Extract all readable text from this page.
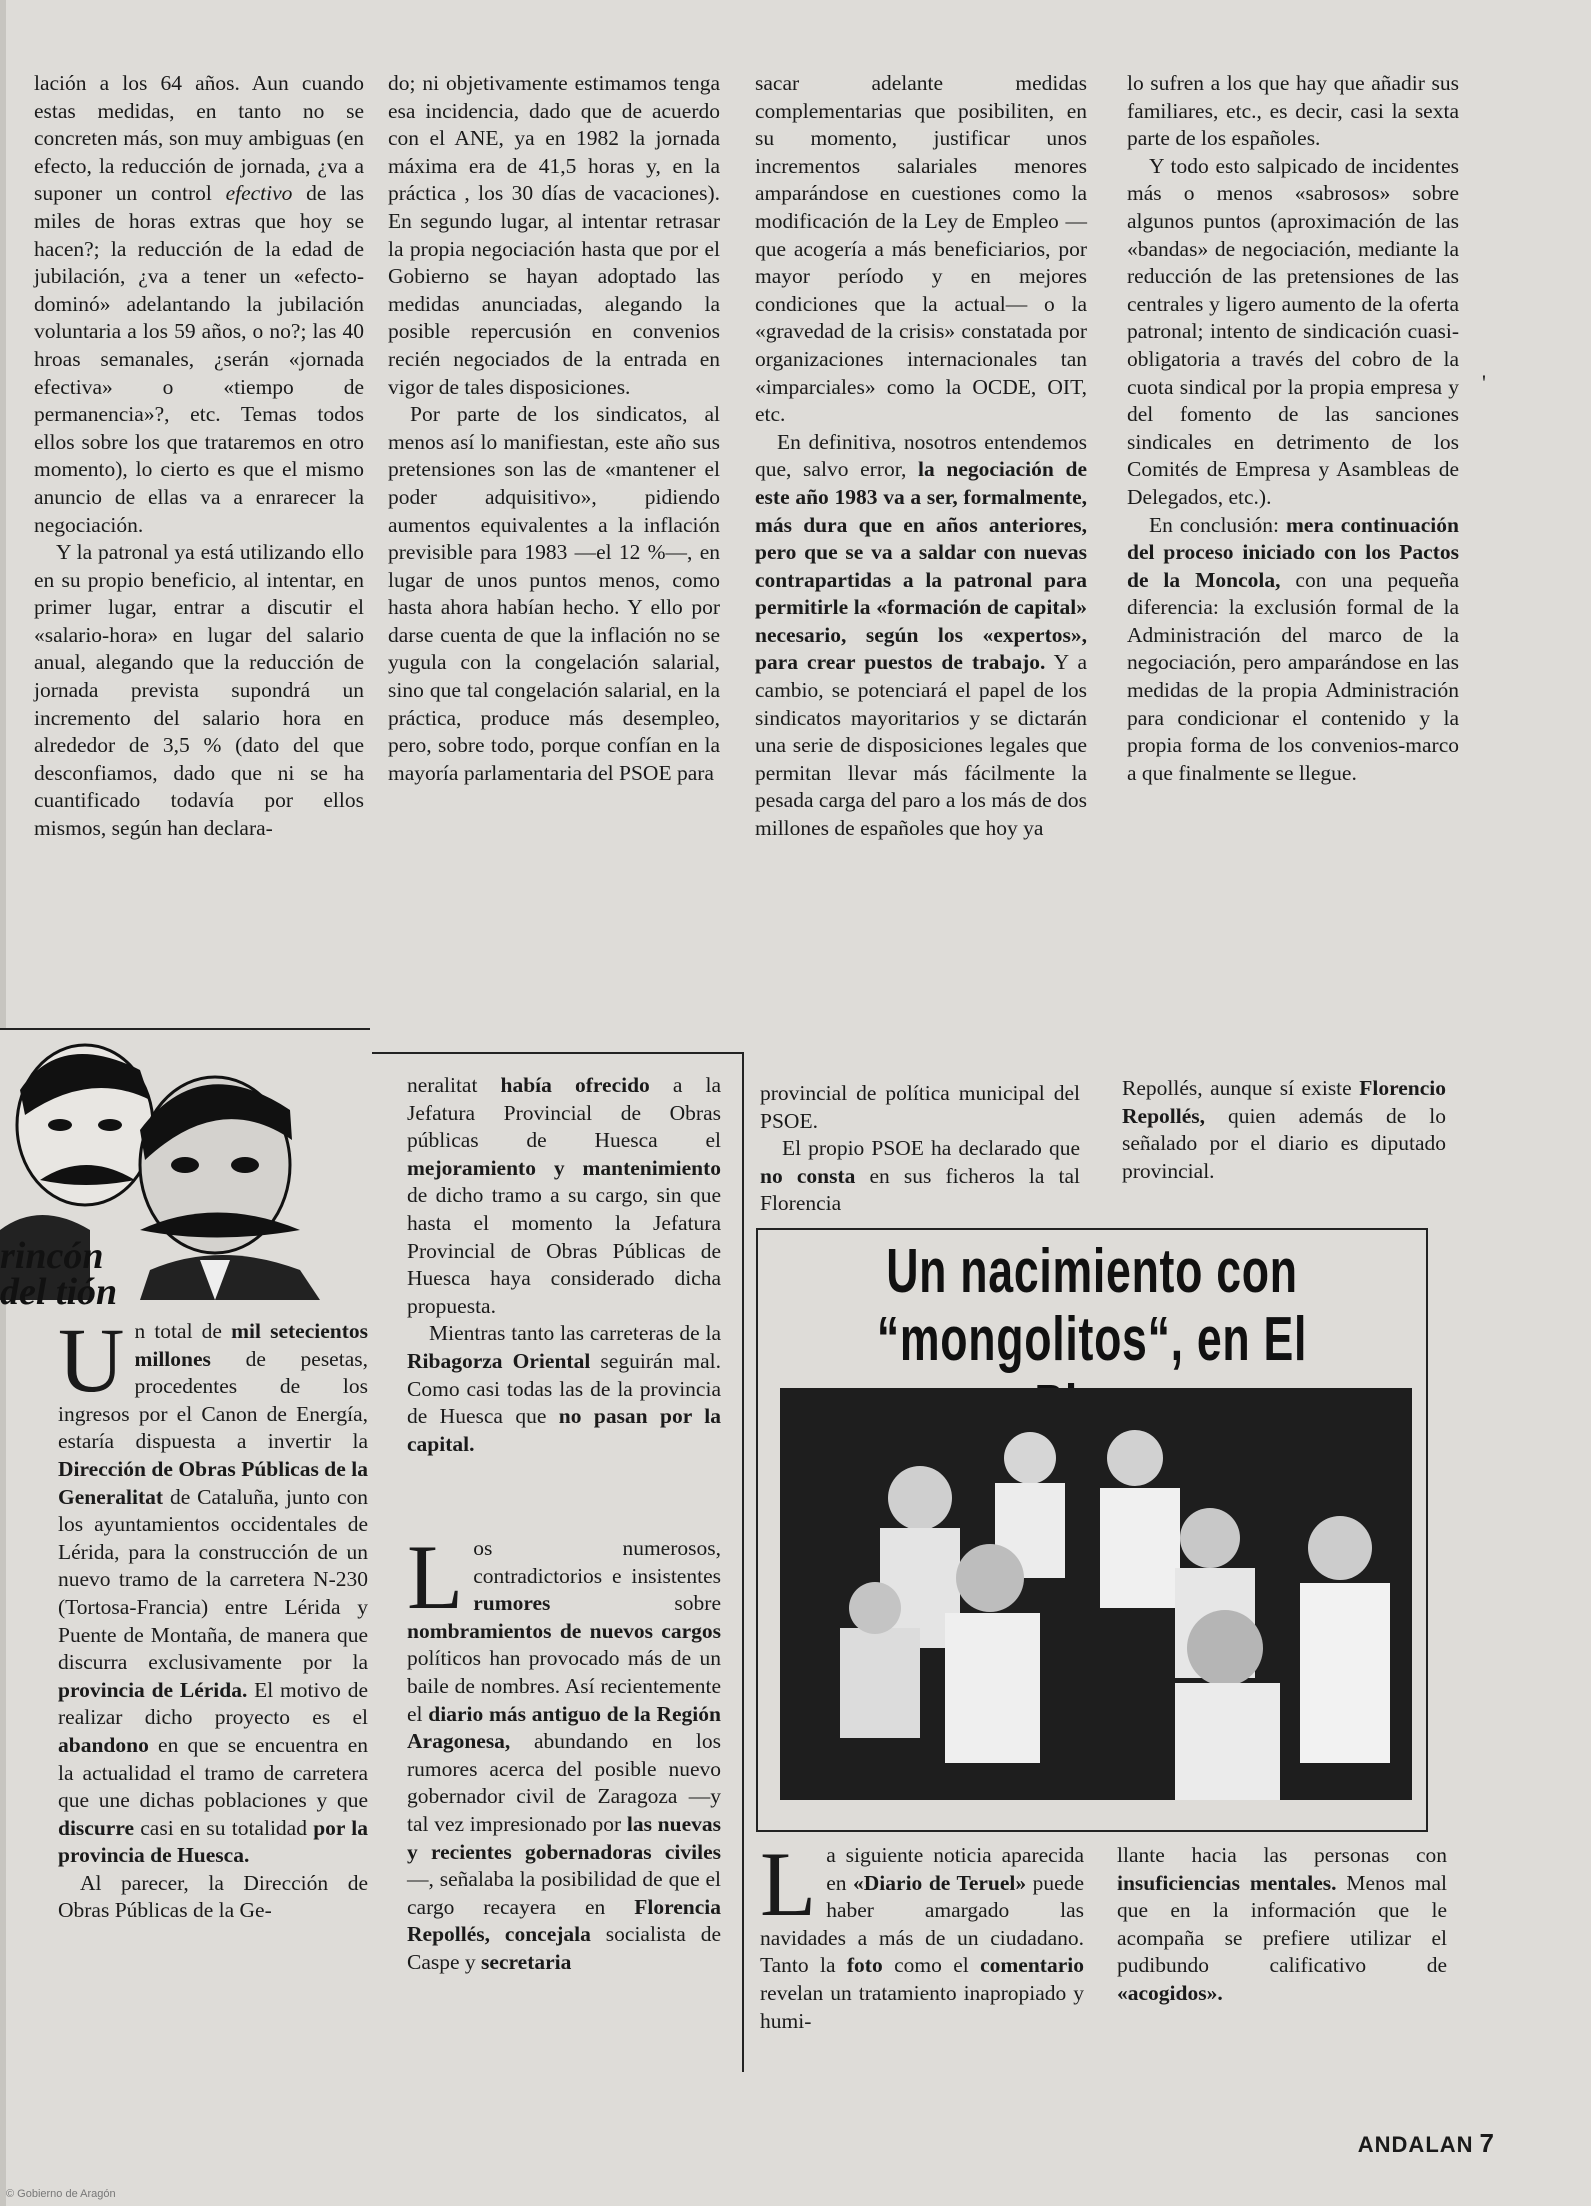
lación a los 64 años. Aun cuando estas medidas, en tanto no se concreten más, son muy ambiguas (en efecto, la reducción de jornada, ¿va a suponer un control efectivo de las miles de horas extras que hoy se hacen?; la reducción de la edad de jubilación, ¿va a tener un «efecto-dominó» adelantando la jubilación voluntaria a los 59 años, o no?; las 40 hroas semanales, ¿serán «jornada efectiva» o «tiempo de permanencia»?, etc. Temas todos ellos sobre los que trataremos en otro momento), lo cierto es que el mismo anuncio de ellas va a enrarecer la negociación.

Y la patronal ya está utilizando ello en su propio beneficio, al intentar, en primer lugar, entrar a discutir el «salario-hora» en lugar del salario anual, alegando que la reducción de jornada prevista supondrá un incremento del salario hora en alrededor de 3,5 % (dato del que desconfiamos, dado que ni se ha cuantificado todavía por ellos mismos, según han declara-

do; ni objetivamente estimamos tenga esa incidencia, dado que de acuerdo con el ANE, ya en 1982 la jornada máxima era de 41,5 horas y, en la práctica , los 30 días de vacaciones). En segundo lugar, al intentar retrasar la propia negociación hasta que por el Gobierno se hayan adoptado las medidas anunciadas, alegando la posible repercusión en convenios recién negociados de la entrada en vigor de tales disposiciones.

Por parte de los sindicatos, al menos así lo manifiestan, este año sus pretensiones son las de «mantener el poder adquisitivo», pidiendo aumentos equivalentes a la inflación previsible para 1983 —el 12 %—, en lugar de unos puntos menos, como hasta ahora habían hecho. Y ello por darse cuenta de que la inflación no se yugula con la congelación salarial, sino que tal congelación salarial, en la práctica, produce más desempleo, pero, sobre todo, porque confían en la mayoría parlamentaria del PSOE para

sacar adelante medidas complementarias que posibiliten, en su momento, justificar unos incrementos salariales menores amparándose en cuestiones como la modificación de la Ley de Empleo —que acogería a más beneficiarios, por mayor período y en mejores condiciones que la actual— o la «gravedad de la crisis» constatada por organizaciones internacionales tan «imparciales» como la OCDE, OIT, etc.

En definitiva, nosotros entendemos que, salvo error, la negociación de este año 1983 va a ser, formalmente, más dura que en años anteriores, pero que se va a saldar con nuevas contrapartidas a la patronal para permitirle la «formación de capital» necesario, según los «expertos», para crear puestos de trabajo. Y a cambio, se potenciará el papel de los sindicatos mayoritarios y se dictarán una serie de disposiciones legales que permitan llevar más fácilmente la pesada carga del paro a los más de dos millones de españoles que hoy ya

lo sufren a los que hay que añadir sus familiares, etc., es decir, casi la sexta parte de los españoles.

Y todo esto salpicado de incidentes más o menos «sabrosos» sobre algunos puntos (aproximación de las «bandas» de negociación, mediante la reducción de las pretensiones de las centrales y ligero aumento de la oferta patronal; intento de sindicación cuasi-obligatoria a través del cobro de la cuota sindical por la propia empresa y del fomento de las sanciones sindicales en detrimento de los Comités de Empresa y Asambleas de Delegados, etc.).

En conclusión: mera continuación del proceso iniciado con los Pactos de la Moncola, con una pequeña diferencia: la exclusión formal de la Administración del marco de la negociación, pero amparándose en las medidas de la propia Administración para condicionar el contenido y la propia forma de los convenios-marco a que finalmente se llegue.

'
rincón
del tión

Un total de mil setecientos millones de pesetas, procedentes de los ingresos por el Canon de Energía, estaría dispuesta a invertir la Dirección de Obras Públicas de la Generalitat de Cataluña, junto con los ayuntamientos occidentales de Lérida, para la construcción de un nuevo tramo de la carretera N-230 (Tortosa-Francia) entre Lérida y Puente de Montaña, de manera que discurra exclusivamente por la provincia de Lérida. El motivo de realizar dicho proyecto es el abandono en que se encuentra en la actualidad el tramo de carretera que une dichas poblaciones y que discurre casi en su totalidad por la provincia de Huesca.

Al parecer, la Dirección de Obras Públicas de la Ge-

neralitat había ofrecido a la Jefatura Provincial de Obras públicas de Huesca el mejoramiento y mantenimiento de dicho tramo a su cargo, sin que hasta el momento la Jefatura Provincial de Obras Públicas de Huesca haya considerado dicha propuesta.

Mientras tanto las carreteras de la Ribagorza Oriental seguirán mal. Como casi todas las de la provincia de Huesca que no pasan por la capital.

Los numerosos, contradictorios e insistentes rumores sobre nombramientos de nuevos cargos políticos han provocado más de un baile de nombres. Así recientemente el diario más antiguo de la Región Aragonesa, abundando en los rumores acerca del posible nuevo gobernador civil de Zaragoza —y tal vez impresionado por las nuevas y recientes gobernadoras civiles—, señalaba la posibilidad de que el cargo recayera en Florencia Repollés, concejala socialista de Caspe y secretaria

provincial de política municipal del PSOE.

El propio PSOE ha declarado que no consta en sus ficheros la tal Florencia

Repollés, aunque sí existe Florencio Repollés, quien además de lo señalado por el diario es diputado provincial.

Un nacimiento con “mongolitos“, en El

La siguiente noticia aparecida en «Diario de Teruel» puede haber amargado las navidades a más de un ciudadano. Tanto la foto como el comentario revelan un tratamiento inapropiado y humi-

llante hacia las personas con insuficiencias mentales. Menos mal que en la información que le acompaña se prefiere utilizar el pudibundo calificativo de «acogidos».

ANDALAN 7
© Gobierno de Aragón
